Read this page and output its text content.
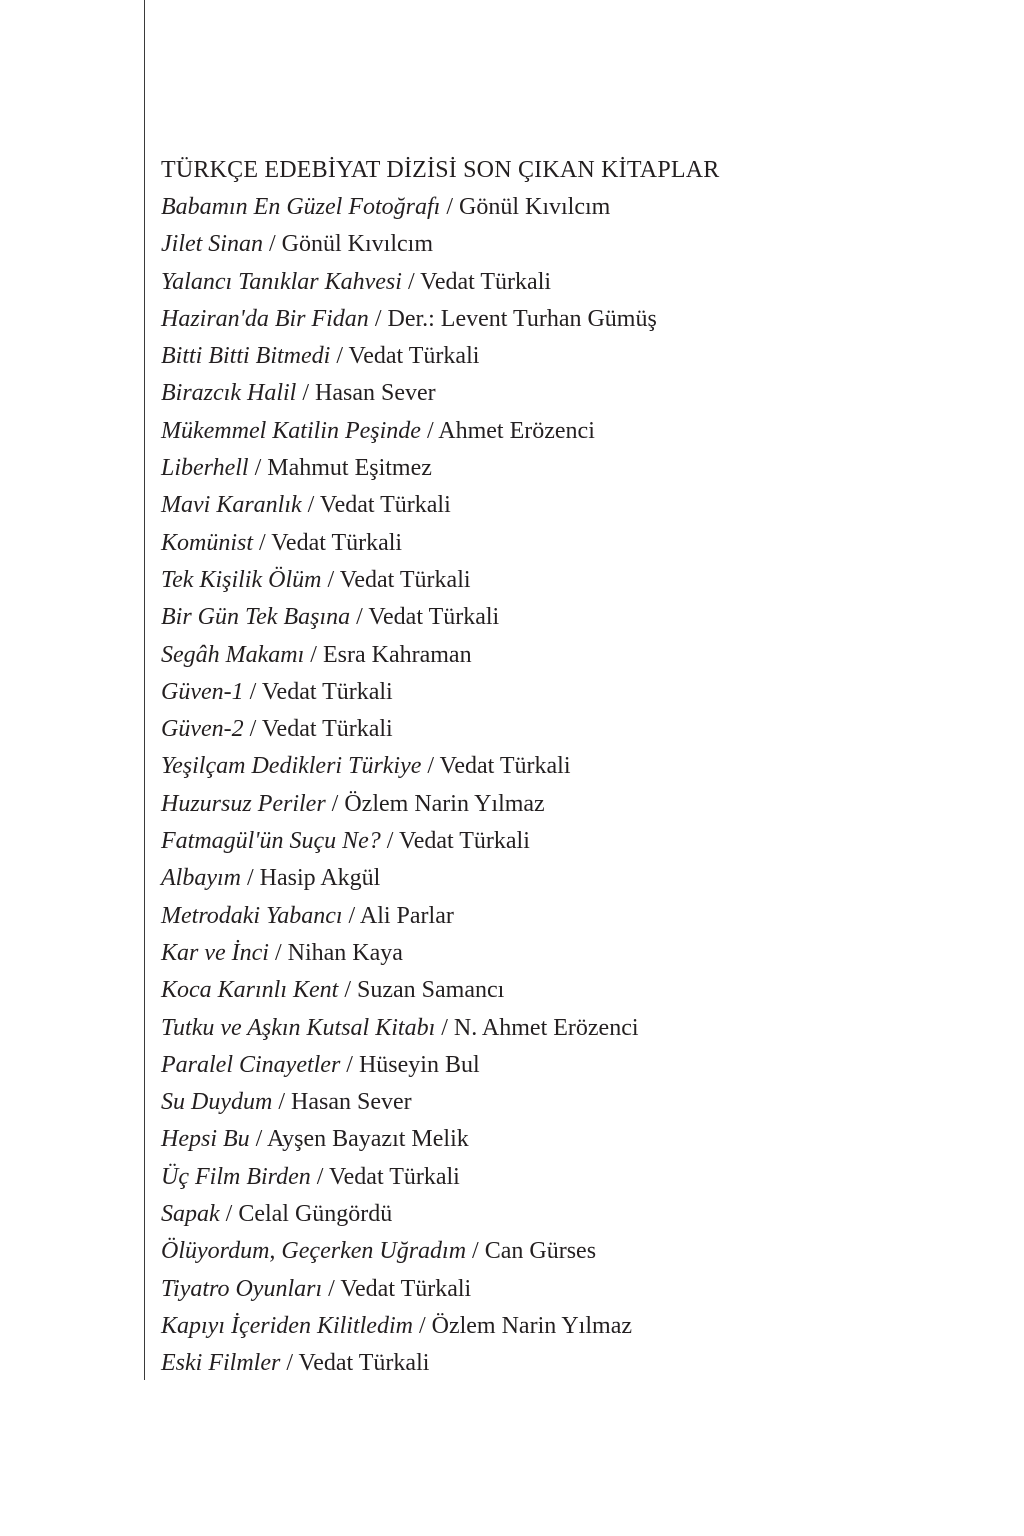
TÜRKÇE EDEBİYAT DİZİSİ SON ÇIKAN KİTAPLAR
Babamın En Güzel Fotoğrafı / Gönül Kıvılcım
Jilet Sinan / Gönül Kıvılcım
Yalancı Tanıklar Kahvesi / Vedat Türkali
Haziran'da Bir Fidan / Der.: Levent Turhan Gümüş
Bitti Bitti Bitmedi / Vedat Türkali
Birazcık Halil / Hasan Sever
Mükemmel Katilin Peşinde / Ahmet Erözenci
Liberhell / Mahmut Eşitmez
Mavi Karanlık / Vedat Türkali
Komünist / Vedat Türkali
Tek Kişilik Ölüm / Vedat Türkali
Bir Gün Tek Başına / Vedat Türkali
Segâh Makamı / Esra Kahraman
Güven-1 / Vedat Türkali
Güven-2 / Vedat Türkali
Yeşilçam Dedikleri Türkiye / Vedat Türkali
Huzursuz Periler / Özlem Narin Yılmaz
Fatmagül'ün Suçu Ne? / Vedat Türkali
Albayım / Hasip Akgül
Metrodaki Yabancı / Ali Parlar
Kar ve İnci / Nihan Kaya
Koca Karınlı Kent / Suzan Samancı
Tutku ve Aşkın Kutsal Kitabı / N. Ahmet Erözenci
Paralel Cinayetler / Hüseyin Bul
Su Duydum / Hasan Sever
Hepsi Bu / Ayşen Bayazıt Melik
Üç Film Birden / Vedat Türkali
Sapak / Celal Güngördü
Ölüyordum, Geçerken Uğradım / Can Gürses
Tiyatro Oyunları / Vedat Türkali
Kapıyı İçeriden Kilitledim / Özlem Narin Yılmaz
Eski Filmler / Vedat Türkali
